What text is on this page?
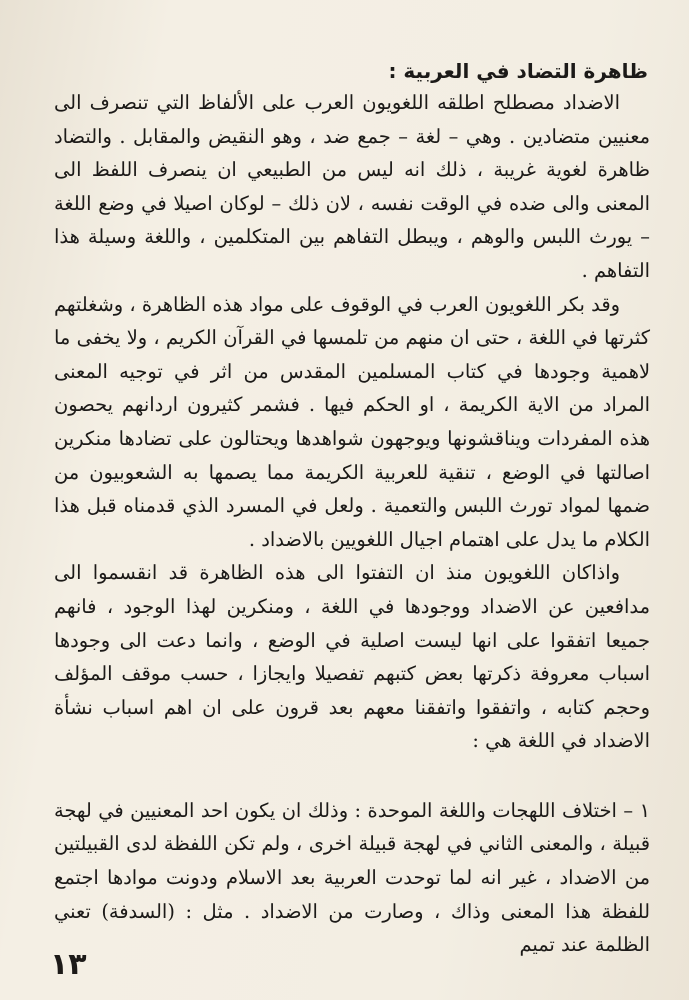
ظاهرة التضاد في العربية :

الاضداد مصطلح اطلقه اللغويون العرب على الألفاظ التي تنصرف الى معنيين متضادين . وهي – لغة – جمع ضد ، وهو النقيض والمقابل . والتضاد ظاهرة لغوية غريبة ، ذلك انه ليس من الطبيعي ان ينصرف اللفظ الى المعنى والى ضده في الوقت نفسه ، لان ذلك – لوكان اصيلا في وضع اللغة – يورث اللبس والوهم ، ويبطل التفاهم بين المتكلمين ، واللغة وسيلة هذا التفاهم .

وقد بكر اللغويون العرب في الوقوف على مواد هذه الظاهرة ، وشغلتهم كثرتها في اللغة ، حتى ان منهم من تلمسها في القرآن الكريم ، ولا يخفى ما لاهمية وجودها في كتاب المسلمين المقدس من اثر في توجيه المعنى المراد من الاية الكريمة ، او الحكم فيها . فشمر كثيرون اردانهم يحصون هذه المفردات ويناقشونها ويوجهون شواهدها ويحتالون على تضادها منكرين اصالتها في الوضع ، تنقية للعربية الكريمة مما يصمها به الشعوبيون من ضمها لمواد تورث اللبس والتعمية . ولعل في المسرد الذي قدمناه قبل هذا الكلام ما يدل على اهتمام اجيال اللغويين بالاضداد .

واذاكان اللغويون منذ ان التفتوا الى هذه الظاهرة قد انقسموا الى مدافعين عن الاضداد ووجودها في اللغة ، ومنكرين لهذا الوجود ، فانهم جميعا اتفقوا على انها ليست اصلية في الوضع ، وانما دعت الى وجودها اسباب معروفة ذكرتها بعض كتبهم تفصيلا وايجازا ، حسب موقف المؤلف وحجم كتابه ، واتفقوا واتفقنا معهم بعد قرون على ان اهم اسباب نشأة الاضداد في اللغة هي :

١ – اختلاف اللهجات واللغة الموحدة : وذلك ان يكون احد المعنيين في لهجة قبيلة ، والمعنى الثاني في لهجة قبيلة اخرى ، ولم تكن اللفظة لدى القبيلتين من الاضداد ، غير انه لما توحدت العربية بعد الاسلام ودونت موادها اجتمع للفظة هذا المعنى وذاك ، وصارت من الاضداد . مثل : (السدفة) تعني الظلمة عند تميم

١٣
